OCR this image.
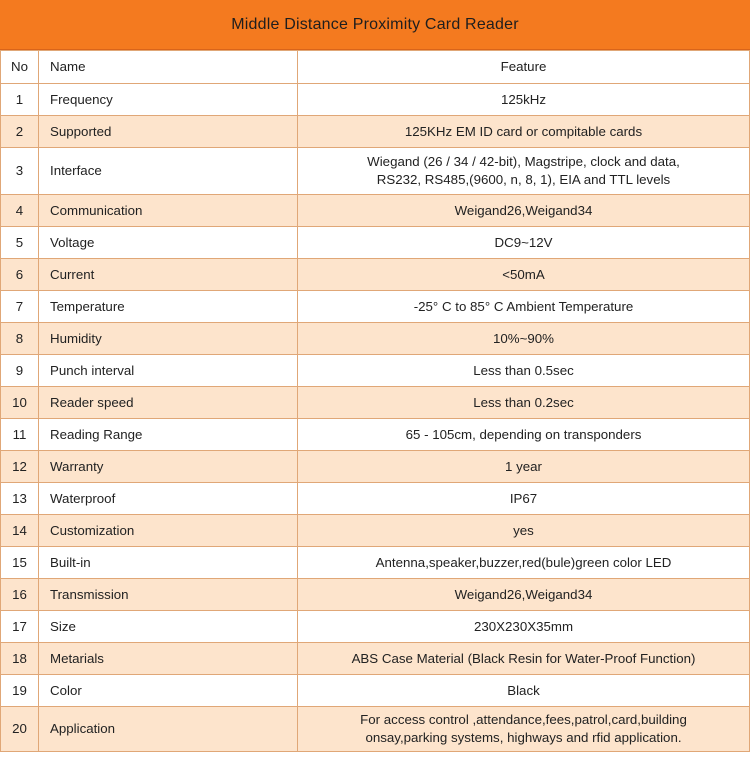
Middle Distance Proximity Card Reader
No	Name	Feature
1	Frequency	125kHz

2	Supported	125KHz EM ID card or compitable cards

3	Interface	Wiegand (26 / 34 / 42-bit), Magstripe, clock and data,
RS232, RS485,(9600, n, 8, 1), EIA and TTL levels

4	Communication	Weigand26,Weigand34

5	Voltage	DC9~12V

6	Current	<50mA

7	Temperature	-25° C to 85° C Ambient Temperature

8	Humidity	10%~90%

9	Punch interval	Less than 0.5sec

10	Reader speed	Less than 0.2sec

11	Reading Range	65 - 105cm, depending on transponders

12	Warranty	1 year

13	Waterproof	IP67

14	Customization	yes

15	Built-in	Antenna,speaker,buzzer,red(bule)green color LED

16	Transmission	Weigand26,Weigand34

17	Size	230X230X35mm

18	Metarials	ABS Case Material (Black Resin for Water-Proof Function)

19	Color	Black

20	Application	For access control ,attendance,fees,patrol,card,building
onsay,parking systems, highways and rfid application.
